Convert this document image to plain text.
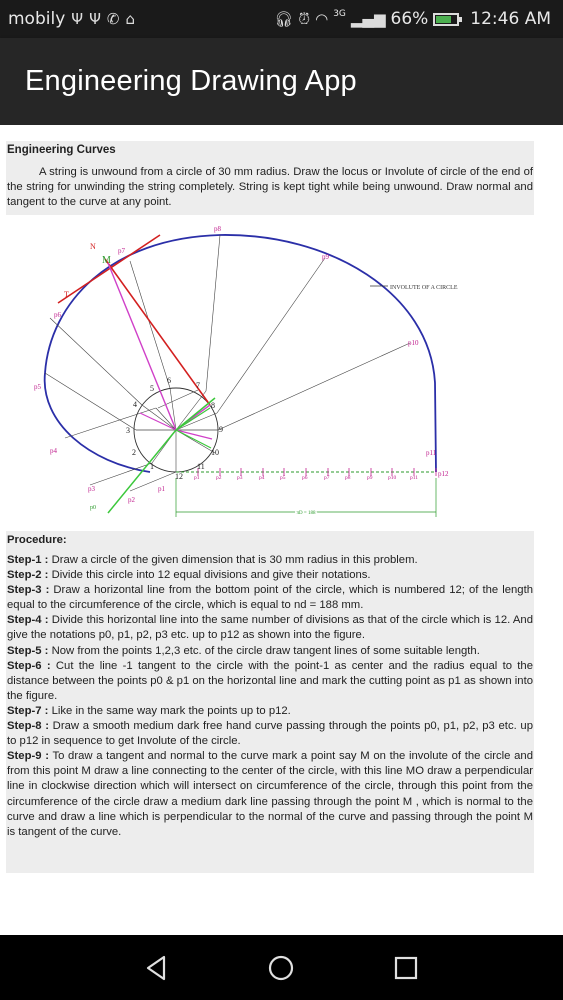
mobily Ψ Ψ ✆ ⌂	🎧︎ ⏰︎ ◠ 3G ▂▄▆ 66% 12:46 AM
Engineering Drawing App
Engineering Curves
A string is unwound from a circle of 30 mm radius. Draw the locus or Involute of circle of the end of the string for unwinding the string completely. String is kept tight while being unwound. Draw normal and tangent to the curve at any point.
πD = 188
INVOLUTE OF A CIRCLE
M
N
T
p0
1
2
3
4
5
6
7
8
9
10
11
12
p1
p2
p3
p4
p5
p6
p7
p8
p9
p10
p11
p12
p1	p2	p3	p4	p5	p6	p7	p8	p9	p10	p11
Procedure:
Step-1 : Draw a circle of the given dimension that is 30 mm radius in this problem.
Step-2 : Divide this circle into 12 equal divisions and give their notations.
Step-3 : Draw a horizontal line from the bottom point of the circle, which is numbered 12; of the length equal to the circumference of the circle, which is equal to nd = 188 mm.
Step-4 : Divide this horizontal line into the same number of divisions as that of the circle which is 12. And give the notations p0, p1, p2, p3 etc. up to p12 as shown into the figure.
Step-5 : Now from the points 1,2,3 etc. of the circle draw tangent lines of some suitable length.
Step-6 : Cut the line -1 tangent to the circle with the point-1 as center and the radius equal to the distance between the points p0 & p1 on the horizontal line and mark the cutting point as p1 as shown into the figure.
Step-7 : Like in the same way mark the points up to p12.
Step-8 : Draw a smooth medium dark free hand curve passing through the points p0, p1, p2, p3 etc. up to p12 in sequence to get Involute of the circle.
Step-9 : To draw a tangent and normal to the curve mark a point say M on the involute of the circle and from this point M draw a line connecting to the center of the circle, with this line MO draw a perpendicular line in clockwise direction which will intersect on circumference of the circle, through this point from the circumference of the circle draw a medium dark line passing through the point M , which is normal to the curve and draw a line which is perpendicular to the normal of the curve and passing through the point M is tangent of the curve.
